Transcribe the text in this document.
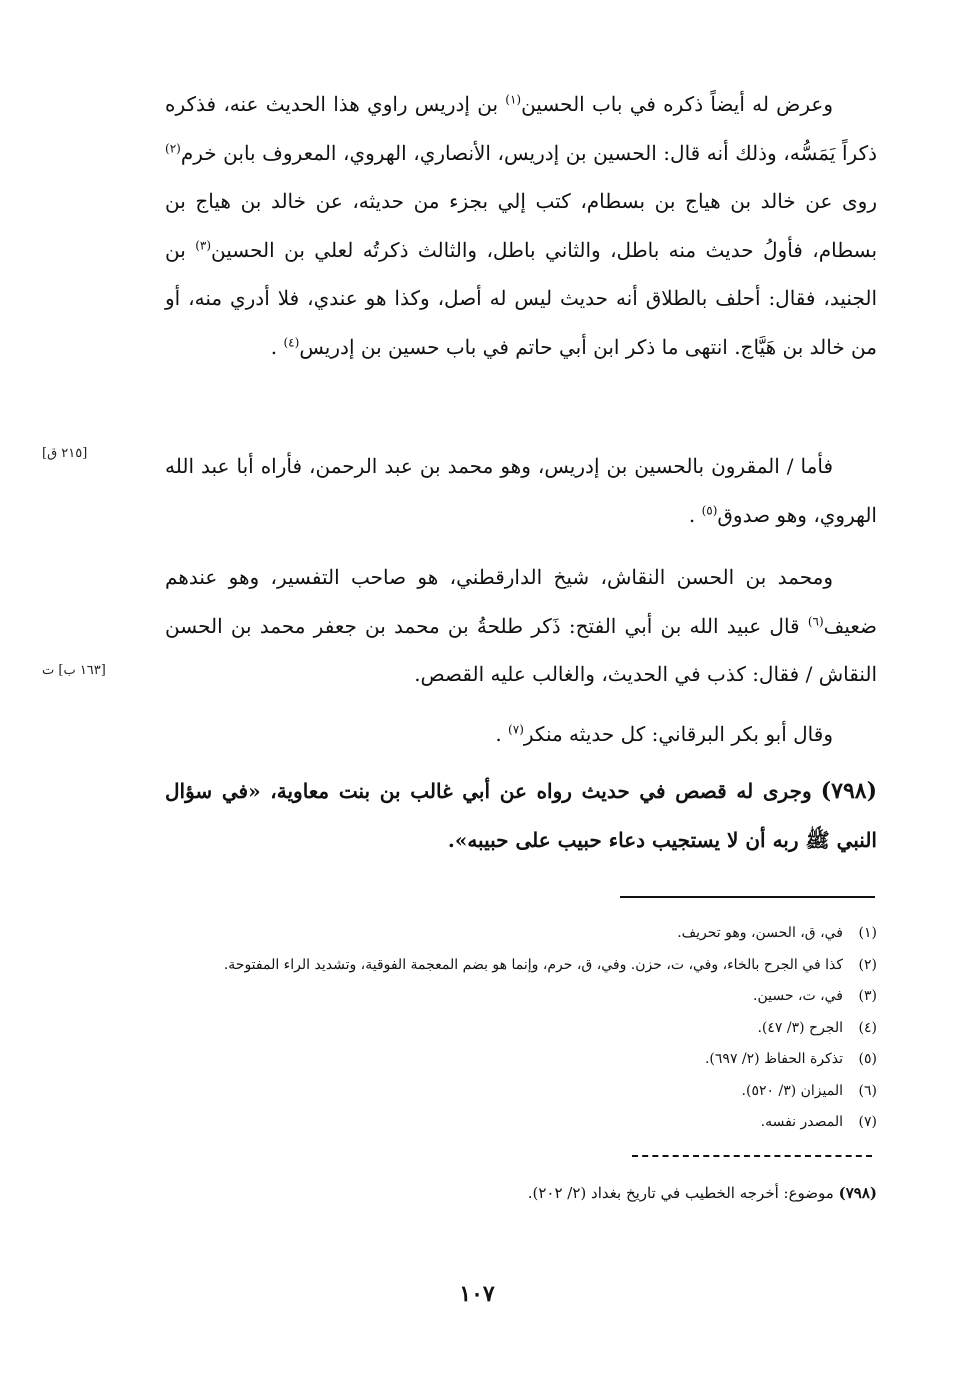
وعرض له أيضاً ذكره في باب الحسين$^{(١)}$ بن إدريس راوي هذا الحديث عنه، فذكره ذكراً يَمَسُّه، وذلك أنه قال: الحسين بن إدريس، الأنصاري، الهروي، المعروف بابن خرم$^{(٢)}$ روى عن خالد بن هياج بن بسطام، كتب إلي بجزء من حديثه، عن خالد بن هياج بن بسطام، فأولُ حديث منه باطل، والثاني باطل، والثالث ذكرتُه لعلي بن الحسين$^{(٣)}$ بن الجنيد، فقال: أحلف بالطلاق أنه حديث ليس له أصل، وكذا هو عندي، فلا أدري منه، أو من خالد بن هَيَّاج. انتهى ما ذكر ابن أبي حاتم في باب حسين بن إدريس$^{(٤)}$ .

فأما / المقرون بالحسين بن إدريس، وهو محمد بن عبد الرحمن، فأراه أبا عبد الله الهروي، وهو صدوق$^{(٥)}$ .

ومحمد بن الحسن النقاش، شيخ الدارقطني، هو صاحب التفسير، وهو عندهم ضعيف$^{(٦)}$ قال عبيد الله بن أبي الفتح: ذَكر طلحةُ بن محمد بن جعفر محمد بن الحسن النقاش / فقال: كذب في الحديث، والغالب عليه القصص.

وقال أبو بكر البرقاني: كل حديثه منكر$^{(٧)}$ .

(٧٩٨) وجرى له قصص في حديث رواه عن أبي غالب بن بنت معاوية، «في سؤال النبي ﷺ ربه أن لا يستجيب دعاء حبيب على حبيبه».

[٢١٥ ق]
[١٦٣ ب] ت
(١)في، ق، الحسن، وهو تحريف.
(٢)كذا في الجرح بالخاء، وفي، ت، حزن. وفي، ق، حرم، وإنما هو بضم المعجمة الفوقية، وتشديد الراء المفتوحة.
(٣)في، ت، حسين.
(٤)الجرح (٣/ ٤٧).
(٥)تذكرة الحفاظ (٢/ ٦٩٧).
(٦)الميزان (٣/ ٥٢٠).
(٧)المصدر نفسه.
(٧٩٨) موضوع: أخرجه الخطيب في تاريخ بغداد (٢/ ٢٠٢).
١٠٧
